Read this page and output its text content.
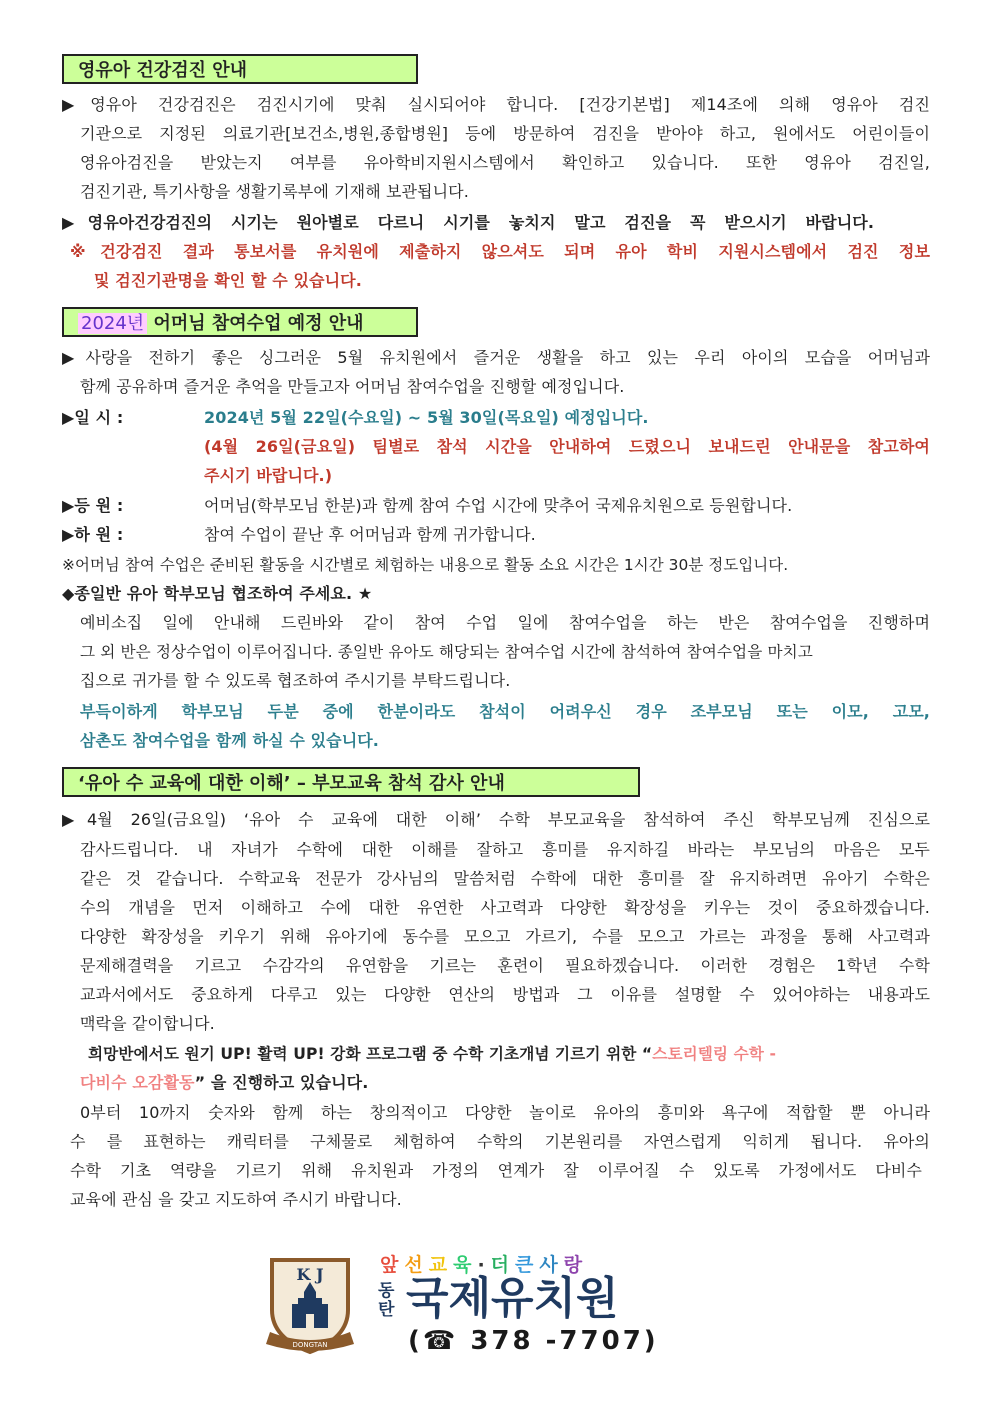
영유아 건강검진 안내
▶영유아 건강검진은 검진시기에 맞춰 실시되어야 합니다. [건강기본법] 제14조에 의해 영유아 검진
기관으로 지정된 의료기관[보건소,병원,종합병원] 등에 방문하여 검진을 받아야 하고, 원에서도 어린이들이
영유아검진을 받았는지 여부를 유아학비지원시스템에서 확인하고 있습니다. 또한 영유아 검진일,
검진기관, 특기사항을 생활기록부에 기재해 보관됩니다.
▶영유아건강검진의 시기는 원아별로 다르니 시기를 놓치지 말고 검진을 꼭 받으시기 바랍니다.
※건강검진 결과 통보서를 유치원에 제출하지 않으셔도 되며 유아 학비 지원시스템에서 검진 정보
및 검진기관명을 확인 할 수 있습니다.
2024년 어머님 참여수업 예정 안내
▶사랑을 전하기 좋은 싱그러운 5월 유치원에서 즐거운 생활을 하고 있는 우리 아이의 모습을 어머님과
함께 공유하며 즐거운 추억을 만들고자 어머님 참여수업을 진행할 예정입니다.
▶일 시 :	2024년 5월 22일(수요일) ~ 5월 30일(목요일) 예정입니다.
(4월 26일(금요일) 팀별로 참석 시간을 안내하여 드렸으니 보내드린 안내문을 참고하여
주시기 바랍니다.)
▶등 원 :	어머님(학부모님 한분)과 함께 참여 수업 시간에 맞추어 국제유치원으로 등원합니다.
▶하 원 :	참여 수업이 끝난 후 어머님과 함께 귀가합니다.
※어머님 참여 수업은 준비된 활동을 시간별로 체험하는 내용으로 활동 소요 시간은 1시간 30분 정도입니다.
◆종일반 유아 학부모님 협조하여 주세요. ★
예비소집 일에 안내해 드린바와 같이 참여 수업 일에 참여수업을 하는 반은 참여수업을 진행하며
그 외 반은 정상수업이 이루어집니다. 종일반 유아도 해당되는 참여수업 시간에 참석하여 참여수업을 마치고
집으로 귀가를 할 수 있도록 협조하여 주시기를 부탁드립니다.
부득이하게 학부모님 두분 중에 한분이라도 참석이 어려우신 경우 조부모님 또는 이모, 고모,
삼촌도 참여수업을 함께 하실 수 있습니다.
‘유아 수 교육에 대한 이해’ – 부모교육 참석 감사 안내
▶4월 26일(금요일) ‘유아 수 교육에 대한 이해’ 수학 부모교육을 참석하여 주신 학부모님께 진심으로
감사드립니다. 내 자녀가 수학에 대한 이해를 잘하고 흥미를 유지하길 바라는 부모님의 마음은 모두
같은 것 같습니다. 수학교육 전문가 강사님의 말씀처럼 수학에 대한 흥미를 잘 유지하려면 유아기 수학은
수의 개념을 먼저 이해하고 수에 대한 유연한 사고력과 다양한 확장성을 키우는 것이 중요하겠습니다.
다양한 확장성을 키우기 위해 유아기에 동수를 모으고 가르기, 수를 모으고 가르는 과정을 통해 사고력과
문제해결력을 기르고 수감각의 유연함을 기르는 훈련이 필요하겠습니다. 이러한 경험은 1학년 수학
교과서에서도 중요하게 다루고 있는 다양한 연산의 방법과 그 이유를 설명할 수 있어야하는 내용과도
맥락을 같이합니다.
희망반에서도 원기 UP! 활력 UP! 강화 프로그램 중 수학 기초개념 기르기 위한 “스토리텔링 수학 -
다비수 오감활동” 을 진행하고 있습니다.
0부터 10까지 숫자와 함께 하는 창의적이고 다양한 놀이로 유아의 흥미와 욕구에 적합할 뿐 아니라
수 를 표현하는 캐릭터를 구체물로 체험하여 수학의 기본원리를 자연스럽게 익히게 됩니다. 유아의
수학 기초 역량을 기르기 위해 유치원과 가정의 연계가 잘 이루어질 수 있도록 가정에서도 다비수
교육에 관심 을 갖고 지도하여 주시기 바랍니다.
K J
DONGTAN
앞선교육·더큰사랑
동
탄 국제유치원
(☎ 378 -7707)
